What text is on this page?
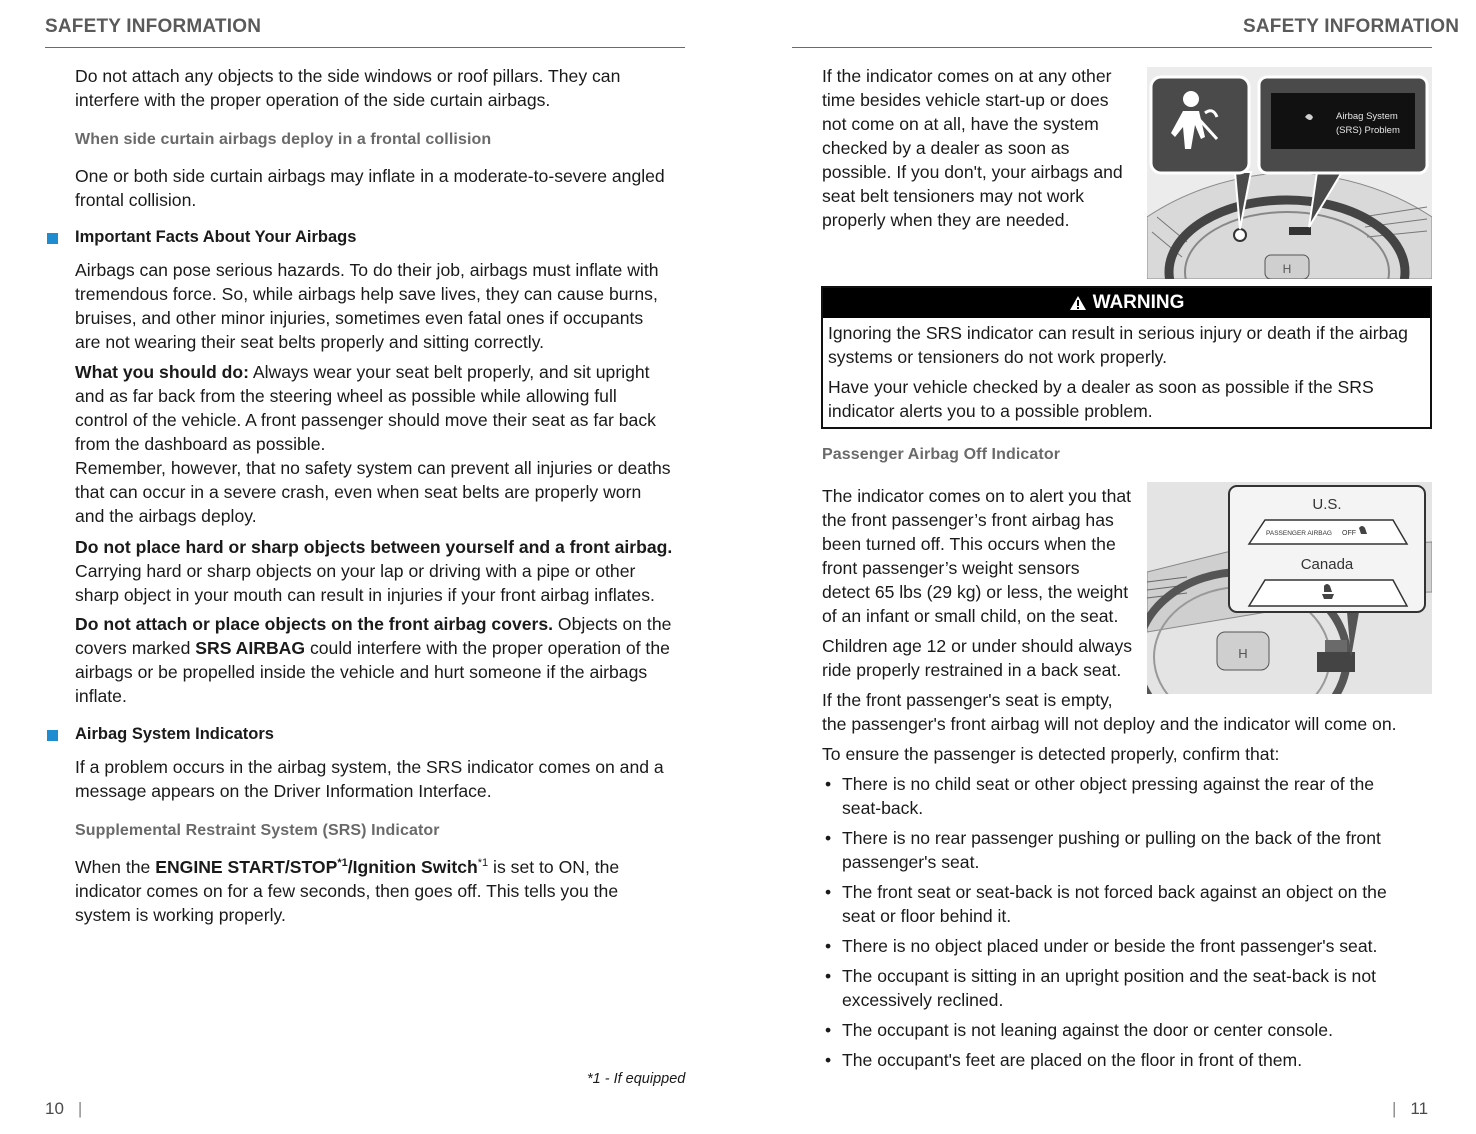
SAFETY INFORMATION
Do not attach any objects to the side windows or roof pillars. They can
interfere with the proper operation of the side curtain airbags.
When side curtain airbags deploy in a frontal collision
One or both side curtain airbags may inflate in a moderate-to-severe angled
frontal collision.
Important Facts About Your Airbags
Airbags can pose serious hazards. To do their job, airbags must inflate with
tremendous force. So, while airbags help save lives, they can cause burns,
bruises, and other minor injuries, sometimes even fatal ones if occupants
are not wearing their seat belts properly and sitting correctly.
What you should do: Always wear your seat belt properly, and sit upright
and as far back from the steering wheel as possible while allowing full
control of the vehicle. A front passenger should move their seat as far back
from the dashboard as possible.
Remember, however, that no safety system can prevent all injuries or deaths
that can occur in a severe crash, even when seat belts are properly worn
and the airbags deploy.
Do not place hard or sharp objects between yourself and a front airbag.
Carrying hard or sharp objects on your lap or driving with a pipe or other
sharp object in your mouth can result in injuries if your front airbag inflates.
Do not attach or place objects on the front airbag covers. Objects on the
covers marked SRS AIRBAG could interfere with the proper operation of the
airbags or be propelled inside the vehicle and hurt someone if the airbags
inflate.
Airbag System Indicators
If a problem occurs in the airbag system, the SRS indicator comes on and a
message appears on the Driver Information Interface.
Supplemental Restraint System (SRS) Indicator
When the ENGINE START/STOP$^{*1}$/Ignition Switch$^{*1}$ is set to ON, the
indicator comes on for a few seconds, then goes off. This tells you the
system is working properly.
*1 - If equipped
10 |
SAFETY INFORMATION
If the indicator comes on at any other
time besides vehicle start-up or does
not come on at all, have the system
checked by a dealer as soon as
possible. If you don't, your airbags and
seat belt tensioners may not work
properly when they are needed.
H
Airbag System
(SRS) Problem
WARNING
Ignoring the SRS indicator can result in serious injury or death if the airbag
systems or tensioners do not work properly.
Have your vehicle checked by a dealer as soon as possible if the SRS
indicator alerts you to a possible problem.
Passenger Airbag Off Indicator
The indicator comes on to alert you that
the front passenger’s front airbag has
been turned off. This occurs when the
front passenger’s weight sensors
detect 65 lbs (29 kg) or less, the weight
of an infant or small child, on the seat.
Children age 12 or under should always
ride properly restrained in a back seat.
If the front passenger's seat is empty,
the passenger's front airbag will not deploy and the indicator will come on.
H
U.S.
PASSENGER AIRBAG OFF
Canada
To ensure the passenger is detected properly, confirm that:
• There is no child seat or other object pressing against the rear of the
seat-back.
• There is no rear passenger pushing or pulling on the back of the front
passenger's seat.
• The front seat or seat-back is not forced back against an object on the
seat or floor behind it.
• There is no object placed under or beside the front passenger's seat.
• The occupant is sitting in an upright position and the seat-back is not
excessively reclined.
• The occupant is not leaning against the door or center console.
• The occupant's feet are placed on the floor in front of them.
| 11
